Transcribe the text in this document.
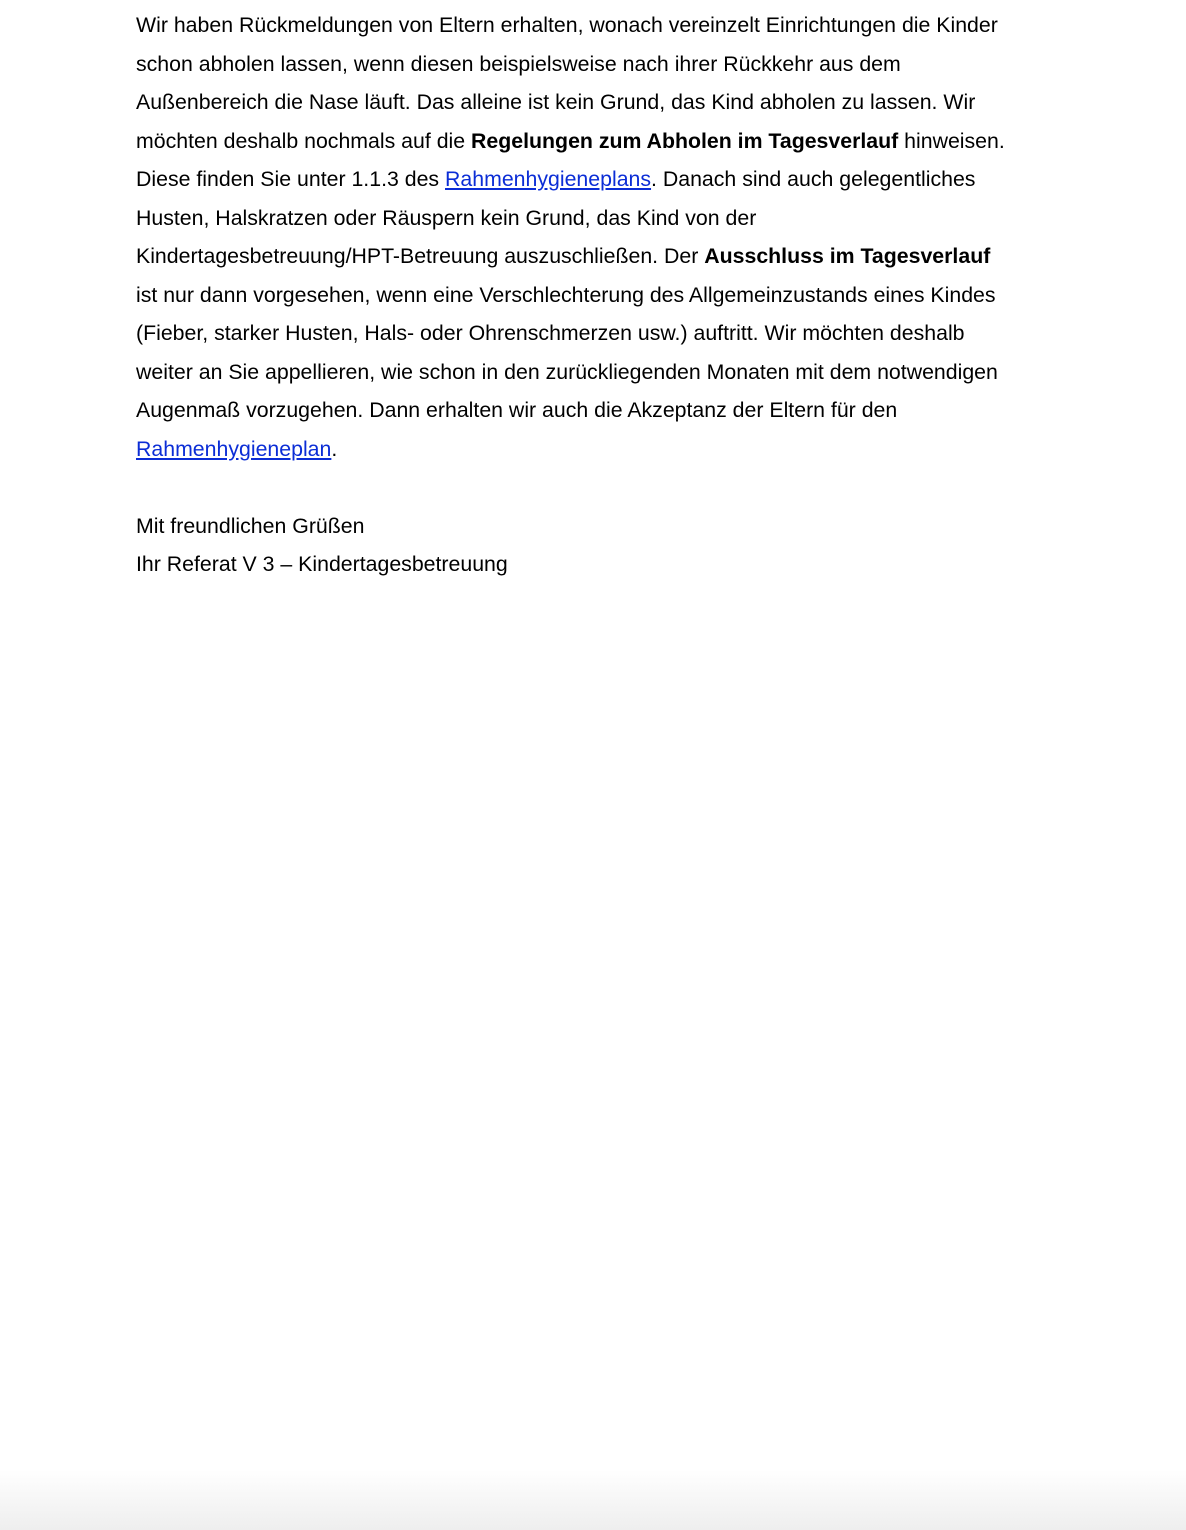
Wir haben Rückmeldungen von Eltern erhalten, wonach vereinzelt Einrichtungen die Kinder
schon abholen lassen, wenn diesen beispielsweise nach ihrer Rückkehr aus dem
Außenbereich die Nase läuft. Das alleine ist kein Grund, das Kind abholen zu lassen. Wir
möchten deshalb nochmals auf die Regelungen zum Abholen im Tagesverlauf hinweisen.
Diese finden Sie unter 1.1.3 des Rahmenhygieneplans. Danach sind auch gelegentliches
Husten, Halskratzen oder Räuspern kein Grund, das Kind von der
Kindertagesbetreuung/HPT-Betreuung auszuschließen. Der Ausschluss im Tagesverlauf
ist nur dann vorgesehen, wenn eine Verschlechterung des Allgemeinzustands eines Kindes
(Fieber, starker Husten, Hals- oder Ohrenschmerzen usw.) auftritt. Wir möchten deshalb
weiter an Sie appellieren, wie schon in den zurückliegenden Monaten mit dem notwendigen
Augenmaß vorzugehen. Dann erhalten wir auch die Akzeptanz der Eltern für den
Rahmenhygieneplan.
Mit freundlichen Grüßen
Ihr Referat V 3 – Kindertagesbetreuung
